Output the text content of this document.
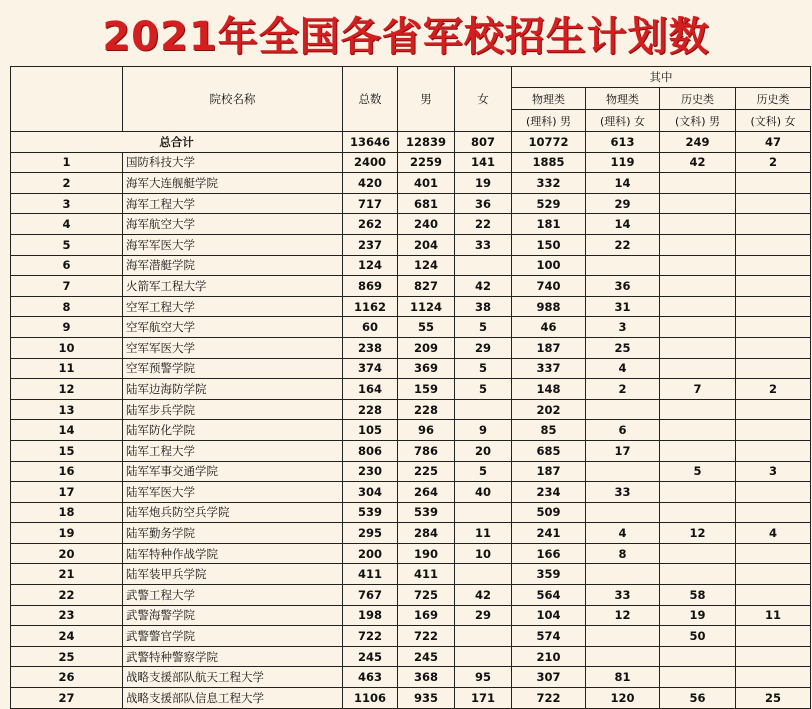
2021年全国各省军校招生计划数
	院校名称	总数	男	女	其中			
					物理类	物理类	历史类	历史类
					(理科) 男	(理科) 女	(文科) 男	(文科) 女
总合计		13646	12839	807	10772	613	249	47
1	国防科技大学	2400	2259	141	1885	119	42	2
2	海军大连舰艇学院	420	401	19	332	14		
3	海军工程大学	717	681	36	529	29		
4	海军航空大学	262	240	22	181	14		
5	海军军医大学	237	204	33	150	22		
6	海军潜艇学院	124	124		100			
7	火箭军工程大学	869	827	42	740	36		
8	空军工程大学	1162	1124	38	988	31		
9	空军航空大学	60	55	5	46	3		
10	空军军医大学	238	209	29	187	25		
11	空军预警学院	374	369	5	337	4		
12	陆军边海防学院	164	159	5	148	2	7	2
13	陆军步兵学院	228	228		202			
14	陆军防化学院	105	96	9	85	6		
15	陆军工程大学	806	786	20	685	17		
16	陆军军事交通学院	230	225	5	187		5	3
17	陆军军医大学	304	264	40	234	33		
18	陆军炮兵防空兵学院	539	539		509			
19	陆军勤务学院	295	284	11	241	4	12	4
20	陆军特种作战学院	200	190	10	166	8		
21	陆军装甲兵学院	411	411		359			
22	武警工程大学	767	725	42	564	33	58	
23	武警海警学院	198	169	29	104	12	19	11
24	武警警官学院	722	722		574		50	
25	武警特种警察学院	245	245		210			
26	战略支援部队航天工程大学	463	368	95	307	81		
27	战略支援部队信息工程大学	1106	935	171	722	120	56	25
